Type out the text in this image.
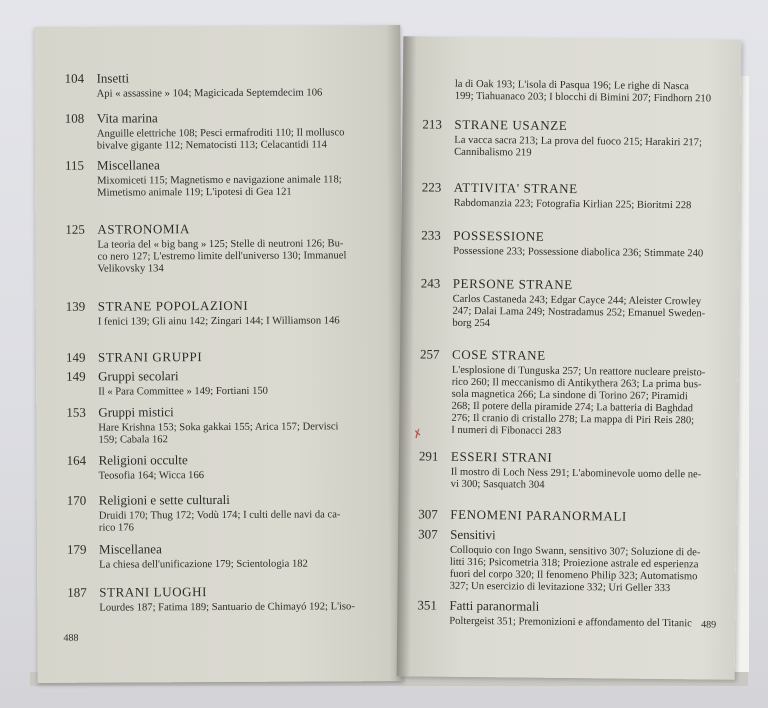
488
104 Insetti
Api « assassine » 104; Magicicada Septemdecim 106
108 Vita marina
Anguille elettriche 108; Pesci ermafroditi 110; Il mollusco
bivalve gigante 112; Nematocisti 113; Celacantidi 114
115 Miscellanea
Mixomiceti 115; Magnetismo e navigazione animale 118;
Mimetismo animale 119; L'ipotesi di Gea 121
125 ASTRONOMIA
La teoria del « big bang » 125; Stelle di neutroni 126; Bu-
co nero 127; L'estremo limite dell'universo 130; Immanuel
Velikovsky 134
139 STRANE POPOLAZIONI
I fenici 139; Gli ainu 142; Zingari 144; I Williamson 146
149 STRANI GRUPPI
149 Gruppi secolari
Il « Para Committee » 149; Fortiani 150
153 Gruppi mistici
Hare Krishna 153; Soka gakkai 155; Arica 157; Dervisci
159; Cabala 162
164 Religioni occulte
Teosofia 164; Wicca 166
170 Religioni e sette culturali
Druidi 170; Thug 172; Vodù 174; I culti delle navi da ca-
rico 176
179 Miscellanea
La chiesa dell'unificazione 179; Scientologia 182
187 STRANI LUOGHI
Lourdes 187; Fatima 189; Santuario de Chimayó 192; L'iso-
la di Oak 193; L'isola di Pasqua 196; Le righe di Nasca
199; Tiahuanaco 203; I blocchi di Bimini 207; Findhorn 210
✗
489
213 STRANE USANZE
La vacca sacra 213; La prova del fuoco 215; Harakiri 217;
Cannibalismo 219
223 ATTIVITA' STRANE
Rabdomanzia 223; Fotografia Kirlian 225; Bioritmi 228
233 POSSESSIONE
Possessione 233; Possessione diabolica 236; Stimmate 240
243 PERSONE STRANE
Carlos Castaneda 243; Edgar Cayce 244; Aleister Crowley
247; Dalai Lama 249; Nostradamus 252; Emanuel Sweden-
borg 254
257 COSE STRANE
L'esplosione di Tunguska 257; Un reattore nucleare preisto-
rico 260; Il meccanismo di Antikythera 263; La prima bus-
sola magnetica 266; La sindone di Torino 267; Piramidi
268; Il potere della piramide 274; La batteria di Baghdad
276; Il cranio di cristallo 278; La mappa di Piri Reis 280;
I numeri di Fibonacci 283
291 ESSERI STRANI
Il mostro di Loch Ness 291; L'abominevole uomo delle ne-
vi 300; Sasquatch 304
307 FENOMENI PARANORMALI
307 Sensitivi
Colloquio con Ingo Swann, sensitivo 307; Soluzione di de-
litti 316; Psicometria 318; Proiezione astrale ed esperienza
fuori del corpo 320; Il fenomeno Philip 323; Automatismo
327; Un esercizio di levitazione 332; Uri Geller 333
351 Fatti paranormali
Poltergeist 351; Premonizioni e affondamento del Titanic
